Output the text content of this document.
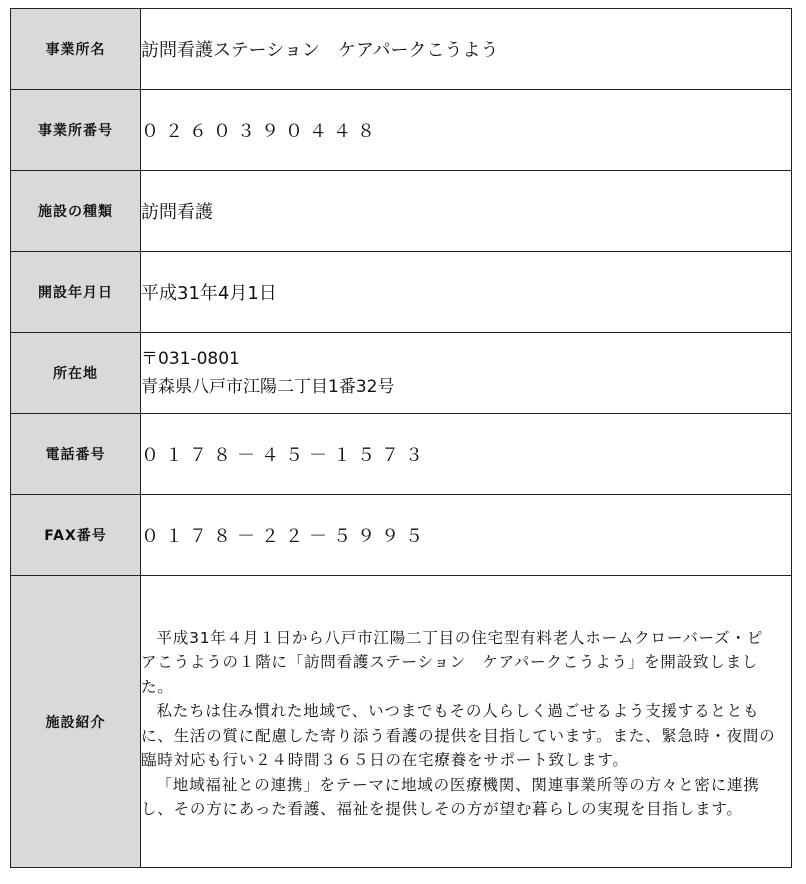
事業所名	訪問看護ステーション　ケアパークこうよう
事業所番号	０２６０３９０４４８
施設の種類	訪問看護
開設年月日	平成31年4月1日
所在地	〒031-0801
青森県八戸市江陽二丁目1番32号

電話番号	０１７８－４５－１５７３
FAX番号	０１７８－２２－５９９５
施設紹介	平成31年４月１日から八戸市江陽二丁目の住宅型有料老人ホームクローバーズ・ピアこうようの１階に「訪問看護ステーション　ケアパークこうよう」を開設致しました。

私たちは住み慣れた地域で、いつまでもその人らしく過ごせるよう支援するとともに、生活の質に配慮した寄り添う看護の提供を目指しています。また、緊急時・夜間の臨時対応も行い２４時間３６５日の在宅療養をサポート致します。

「地域福祉との連携」をテーマに地域の医療機関、関連事業所等の方々と密に連携し、その方にあった看護、福祉を提供しその方が望む暮らしの実現を目指します。
